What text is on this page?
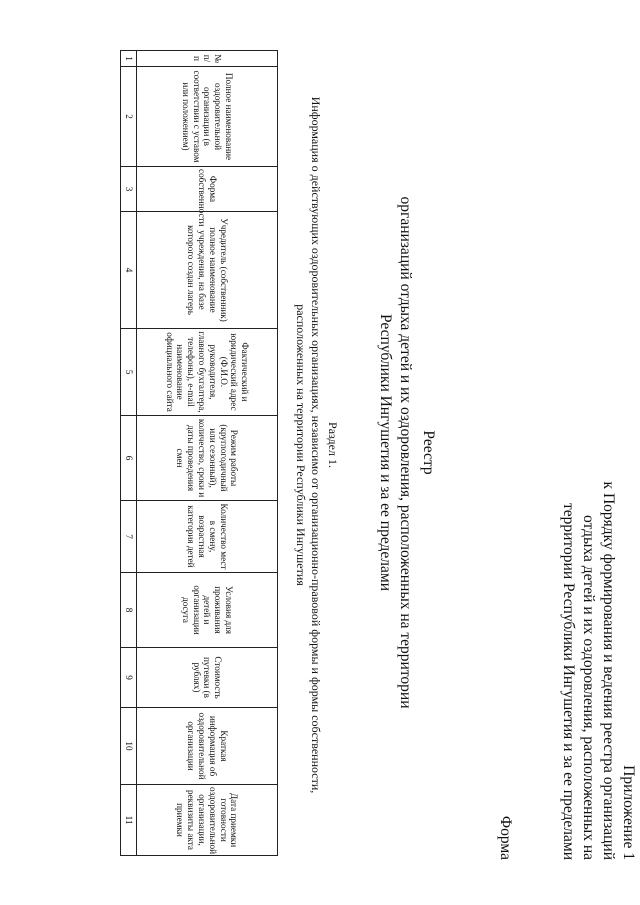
Приложение 1
к Порядку формирования и ведения реестра организаций
отдыха детей и их оздоровления, расположенных на
территории Республики Ингушетия и за ее пределами
Форма
Реестр
организаций отдыха детей и их оздоровления, расположенных на территории
Республики Ингушетия и за ее пределами
Раздел 1.
Информация о действующих оздоровительных организациях, независимо от организационно-правовой формы и формы собственности,
расположенных на территории Республики Ингушетия
№ п/п	Полное наименование оздоровительной организации (в соответствии с уставом или положением)	Форма собственности	Учредитель (собственник) полное наименование учреждения, на базе которого создан лагерь	Фактический и юридический адрес (Ф.И.О. руководителя, главного бухгалтера, телефоны), e-mail наименование официального сайта	Режим работы (круглогодичный или сезонный), количество, сроки и даты проведения смен	Количество мест в смену, возрастная категория детей	Условия для проживания детей и организации досуга	Стоимость путевки (в рублях)	Краткая информация об оздоровительной организации	Дата приемки готовности оздоровительной организации, реквизиты акта приемки
1	2	3	4	5	6	7	8	9	10	11
